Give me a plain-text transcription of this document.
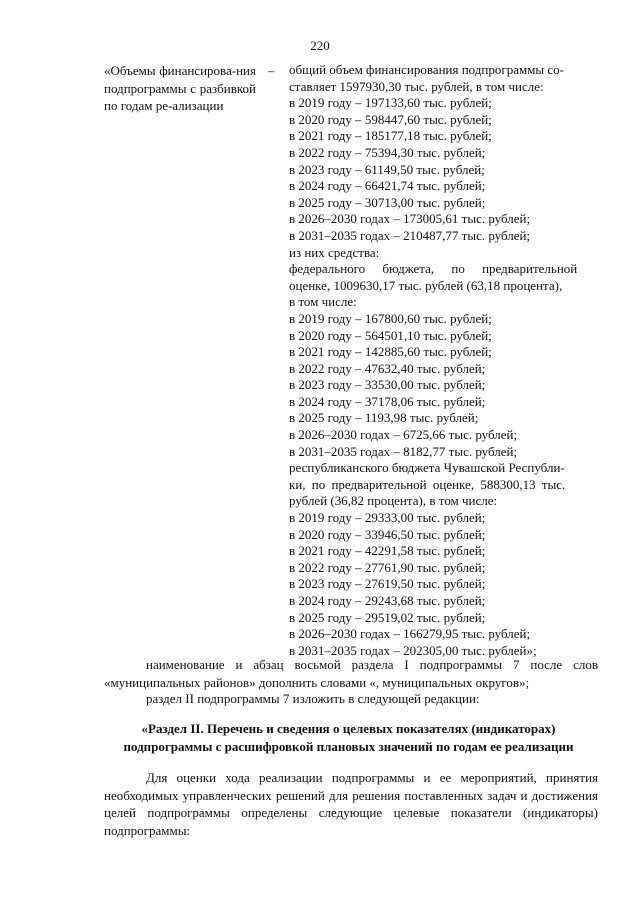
220
«Объемы финансирова-ния подпрограммы с разбивкой по годам ре-ализации
– общий объем финансирования подпрограммы со-
ставляет 1597930,30 тыс. рублей, в том числе:
в 2019 году – 197133,60 тыс. рублей;
в 2020 году – 598447,60 тыс. рублей;
в 2021 году – 185177,18 тыс. рублей;
в 2022 году – 75394,30 тыс. рублей;
в 2023 году – 61149,50 тыс. рублей;
в 2024 году – 66421,74 тыс. рублей;
в 2025 году – 30713,00 тыс. рублей;
в 2026–2030 годах – 173005,61 тыс. рублей;
в 2031–2035 годах – 210487,77 тыс. рублей;
из них средства:
федерального бюджета, по предварительной
оценке, 1009630,17 тыс. рублей (63,18 процента),
в том числе:
в 2019 году – 167800,60 тыс. рублей;
в 2020 году – 564501,10 тыс. рублей;
в 2021 году – 142885,60 тыс. рублей;
в 2022 году – 47632,40 тыс. рублей;
в 2023 году – 33530,00 тыс. рублей;
в 2024 году – 37178,06 тыс. рублей;
в 2025 году – 1193,98 тыс. рублей;
в 2026–2030 годах – 6725,66 тыс. рублей;
в 2031–2035 годах – 8182,77 тыс. рублей;
республиканского бюджета Чувашской Республи-
ки, по предварительной оценке, 588300,13 тыс.
рублей (36,82 процента), в том числе:
в 2019 году – 29333,00 тыс. рублей;
в 2020 году – 33946,50 тыс. рублей;
в 2021 году – 42291,58 тыс. рублей;
в 2022 году – 27761,90 тыс. рублей;
в 2023 году – 27619,50 тыс. рублей;
в 2024 году – 29243,68 тыс. рублей;
в 2025 году – 29519,02 тыс. рублей;
в 2026–2030 годах – 166279,95 тыс. рублей;
в 2031–2035 годах – 202305,00 тыс. рублей»;
наименование и абзац восьмой раздела I подпрограммы 7 после слов «муниципальных районов» дополнить словами «, муниципальных округов»;
раздел II подпрограммы 7 изложить в следующей редакции:
«Раздел II. Перечень и сведения о целевых показателях (индикаторах) подпрограммы с расшифровкой плановых значений по годам ее реализации
Для оценки хода реализации подпрограммы и ее мероприятий, принятия необходимых управленческих решений для решения поставленных задач и достижения целей подпрограммы определены следующие целевые показатели (индикаторы) подпрограммы:
